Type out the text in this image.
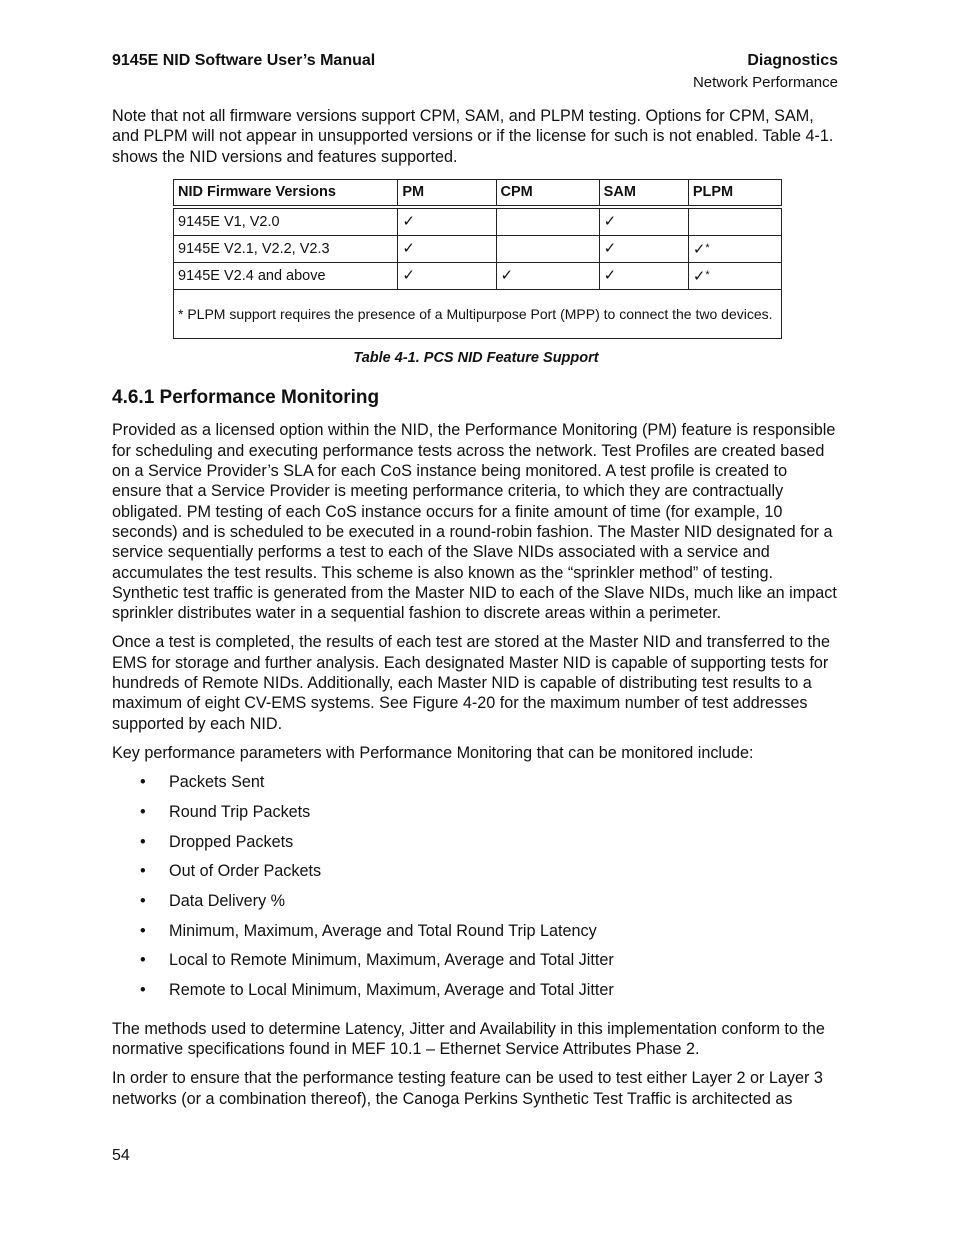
9145E NID Software User’s Manual	Diagnostics
Network Performance

Note that not all firmware versions support CPM, SAM, and PLPM testing. Options for CPM, SAM, and PLPM will not appear in unsupported versions or if the license for such is not enabled. Table 4-1. shows the NID versions and features supported.

NID Firmware Versions	PM	CPM	SAM	PLPM
9145E V1, V2.0	✓		✓	
9145E V2.1, V2.2, V2.3	✓		✓	✓*
9145E V2.4 and above	✓	✓	✓	✓*
* PLPM support requires the presence of a Multipurpose Port (MPP) to connect the two devices.				
Table 4-1. PCS NID Feature Support
4.6.1 Performance Monitoring

Provided as a licensed option within the NID, the Performance Monitoring (PM) feature is responsible for scheduling and executing performance tests across the network. Test Profiles are created based on a Service Provider’s SLA for each CoS instance being monitored. A test profile is created to ensure that a Service Provider is meeting performance criteria, to which they are contractually obligated. PM testing of each CoS instance occurs for a finite amount of time (for example, 10 seconds) and is scheduled to be executed in a round-robin fashion. The Master NID designated for a service sequentially performs a test to each of the Slave NIDs associated with a service and accumulates the test results. This scheme is also known as the “sprinkler method” of testing. Synthetic test traffic is generated from the Master NID to each of the Slave NIDs, much like an impact sprinkler distributes water in a sequential fashion to discrete areas within a perimeter.

Once a test is completed, the results of each test are stored at the Master NID and transferred to the EMS for storage and further analysis. Each designated Master NID is capable of supporting tests for hundreds of Remote NIDs. Additionally, each Master NID is capable of distributing test results to a maximum of eight CV-EMS systems. See Figure 4-20 for the maximum number of test addresses supported by each NID.

Key performance parameters with Performance Monitoring that can be monitored include:

• Packets Sent
• Round Trip Packets
• Dropped Packets
• Out of Order Packets
• Data Delivery %
• Minimum, Maximum, Average and Total Round Trip Latency
• Local to Remote Minimum, Maximum, Average and Total Jitter
• Remote to Local Minimum, Maximum, Average and Total Jitter

The methods used to determine Latency, Jitter and Availability in this implementation conform to the normative specifications found in MEF 10.1 – Ethernet Service Attributes Phase 2.

In order to ensure that the performance testing feature can be used to test either Layer 2 or Layer 3 networks (or a combination thereof), the Canoga Perkins Synthetic Test Traffic is architected as

54
